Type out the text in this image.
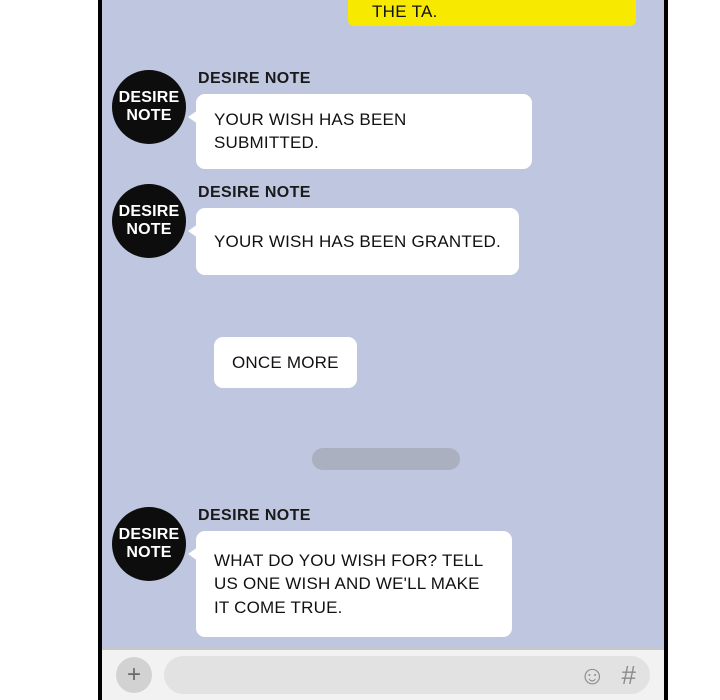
THE TA.
DESIRE
NOTE
DESIRE NOTE
YOUR WISH HAS BEEN SUBMITTED.
DESIRE
NOTE
DESIRE NOTE
YOUR WISH HAS BEEN GRANTED.
ONCE MORE
DESIRE
NOTE
DESIRE NOTE
WHAT DO YOU WISH FOR? TELL US ONE WISH AND WE'LL MAKE IT COME TRUE.
+	☺ #
